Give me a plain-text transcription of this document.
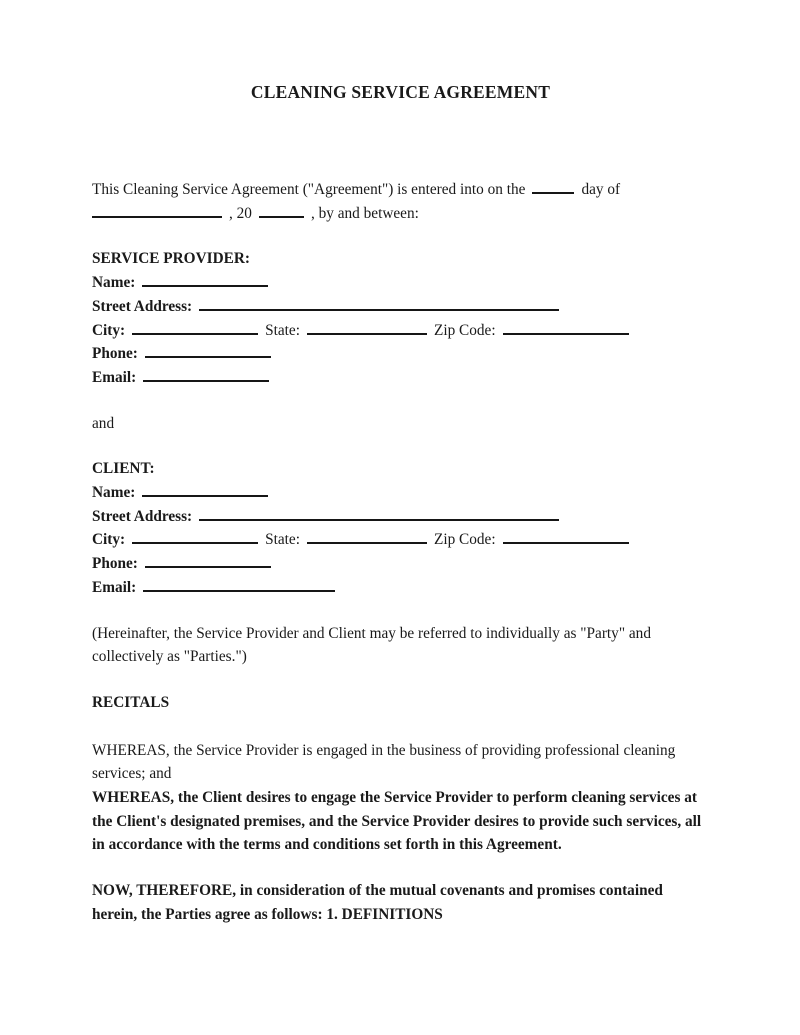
CLEANING SERVICE AGREEMENT

This Cleaning Service Agreement ("Agreement") is entered into on the	day of
, 20	, by and between:

SERVICE PROVIDER:
Name:
Street Address:
City:	State:	Zip Code:
Phone:
Email:

and

CLIENT:
Name:
Street Address:
City:	State:	Zip Code:
Phone:
Email:

(Hereinafter, the Service Provider and Client may be referred to individually as "Party" and collectively as "Parties.")

RECITALS

WHEREAS, the Service Provider is engaged in the business of providing professional cleaning services; and
WHEREAS, the Client desires to engage the Service Provider to perform cleaning services at the Client's designated premises, and the Service Provider desires to provide such services, all in accordance with the terms and conditions set forth in this Agreement.

NOW, THEREFORE, in consideration of the mutual covenants and promises contained herein, the Parties agree as follows: 1. DEFINITIONS
